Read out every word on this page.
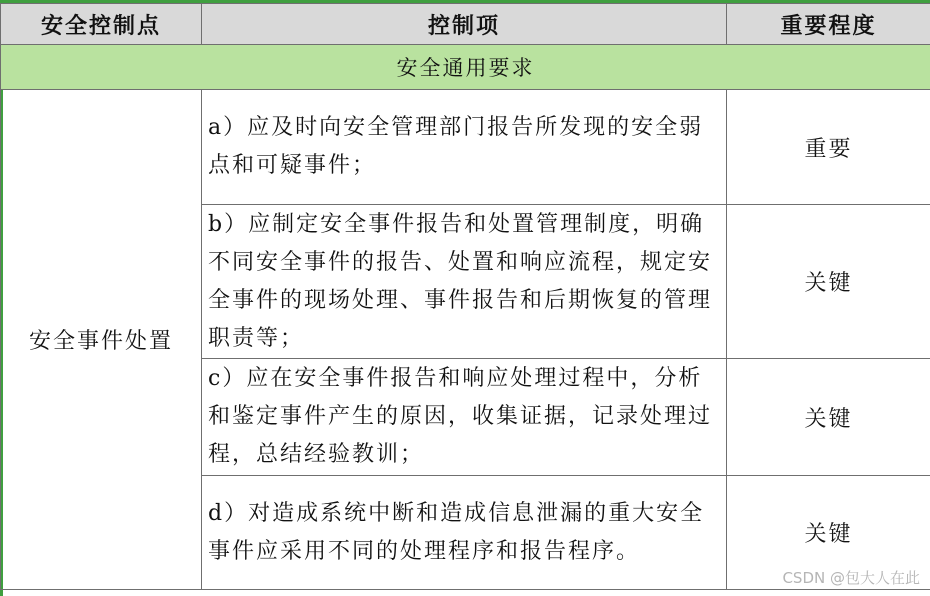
安全控制点	控制项	重要程度
安全通用要求		
安全事件处置	a）应及时向安全管理部门报告所发现的安全弱点和可疑事件；	重要
	b）应制定安全事件报告和处置管理制度，明确不同安全事件的报告、处置和响应流程，规定安全事件的现场处理、事件报告和后期恢复的管理职责等；	关键
	c）应在安全事件报告和响应处理过程中，分析和鉴定事件产生的原因，收集证据，记录处理过程，总结经验教训；	关键
	d）对造成系统中断和造成信息泄漏的重大安全事件应采用不同的处理程序和报告程序。	关键
CSDN @包大人在此
